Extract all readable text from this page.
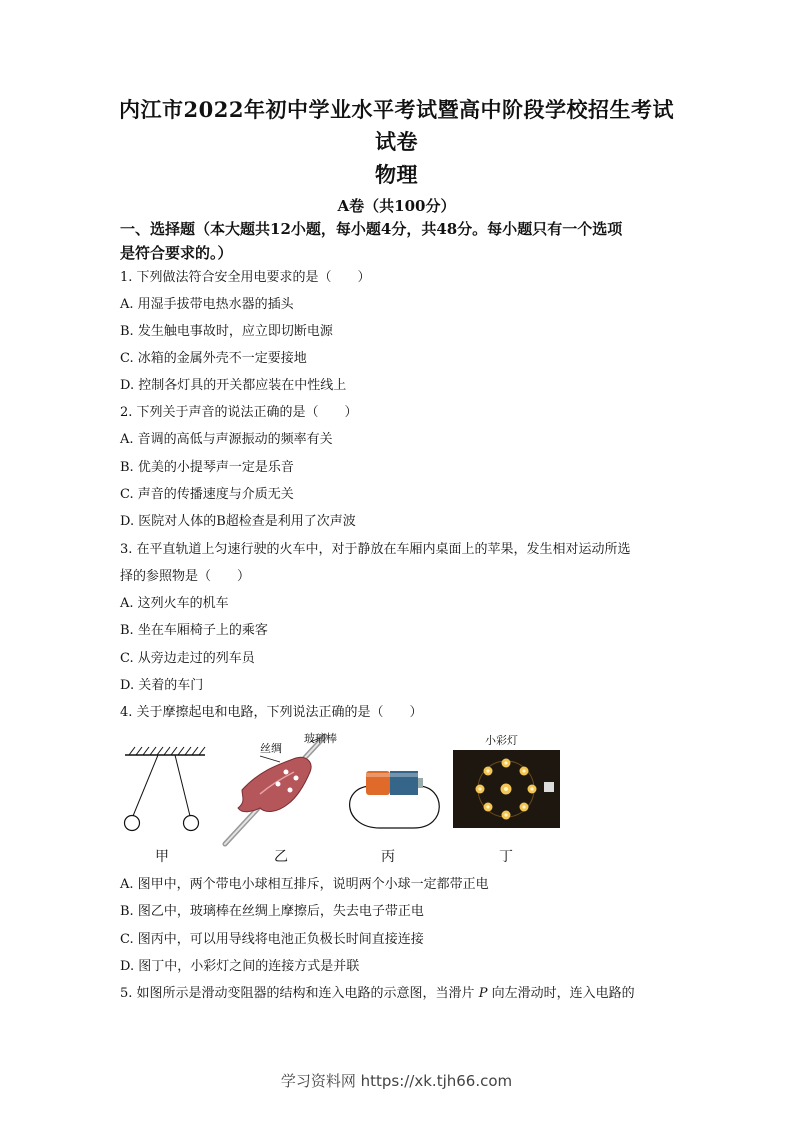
内江市2022年初中学业水平考试暨高中阶段学校招生考试
试卷
物理
A卷（共100分）
一、选择题（本大题共12小题，每小题4分，共48分。每小题只有一个选项
是符合要求的。）
1. 下列做法符合安全用电要求的是（　　）
A. 用湿手拔带电热水器的插头
B. 发生触电事故时，应立即切断电源
C. 冰箱的金属外壳不一定要接地
D. 控制各灯具的开关都应装在中性线上
2. 下列关于声音的说法正确的是（　　）
A. 音调的高低与声源振动的频率有关
B. 优美的小提琴声一定是乐音
C. 声音的传播速度与介质无关
D. 医院对人体的B超检查是利用了次声波
3. 在平直轨道上匀速行驶的火车中，对于静放在车厢内桌面上的苹果，发生相对运动所选
择的参照物是（　　）
A. 这列火车的机车
B. 坐在车厢椅子上的乘客
C. 从旁边走过的列车员
D. 关着的车门
4. 关于摩擦起电和电路，下列说法正确的是（　　）
丝绸
玻璃棒	小彩灯
甲	乙	丙	丁
A. 图甲中，两个带电小球相互排斥，说明两个小球一定都带正电
B. 图乙中，玻璃棒在丝绸上摩擦后，失去电子带正电
C. 图丙中，可以用导线将电池正负极长时间直接连接
D. 图丁中，小彩灯之间的连接方式是并联
5. 如图所示是滑动变阻器的结构和连入电路的示意图，当滑片 P 向左滑动时，连入电路的
学习资料网 https://xk.tjh66.com
